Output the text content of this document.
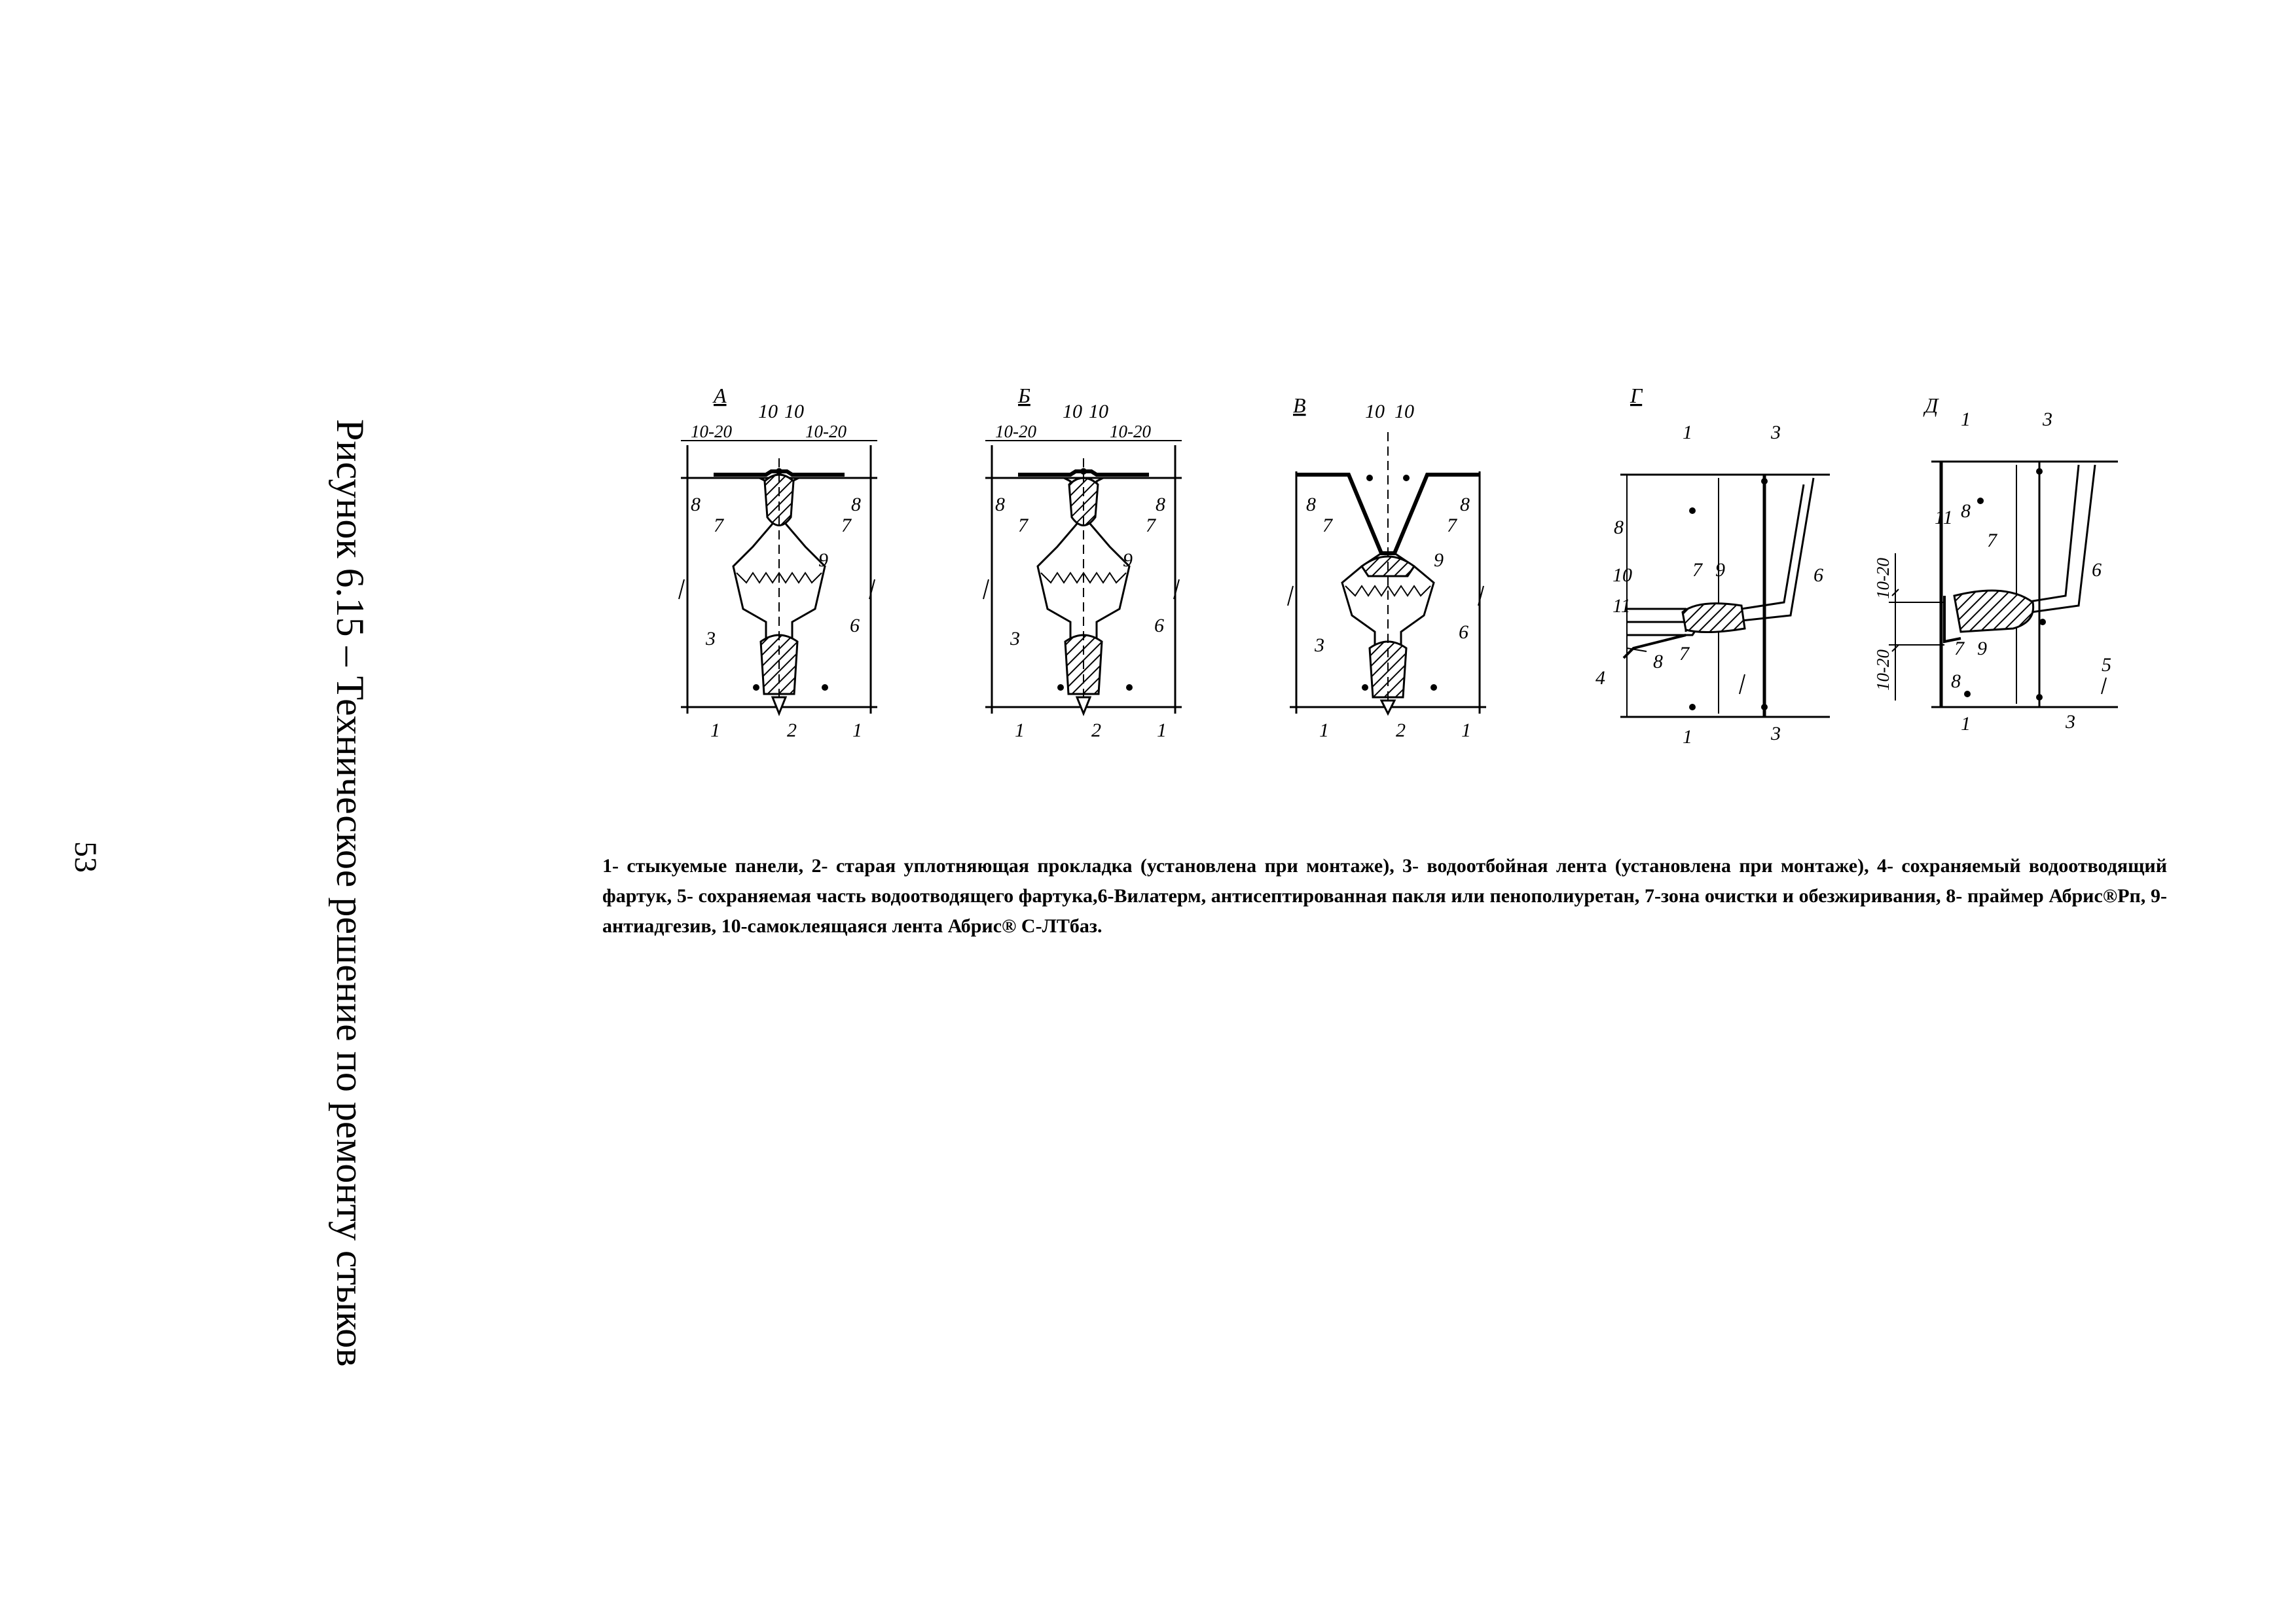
Рисунок 6.15 – Техническое решение по ремонту стыков
53
А
10 10
10-20	10-20
8
7
8
7
9
3
6
1	2	1
Б
10 10
10-20	10-20
8
7
8
7
9
3
6
1	2	1
В	10 10
8
7
8
7
9
3
6
1	2	1
Г
1	3
8
10	7 9	6
11
4
8 7
1	3
Д
1	3
8
11
7
10-20
10-20
6
7 9
8
5
1	3

1- стыкуемые панели, 2- старая уплотняющая прокладка (установлена при монтаже), 3- водоотбойная лента (установлена при монтаже), 4- сохраняемый водоотводящий фартук, 5- сохраняемая часть водоотводящего фартука,6-Вилатерм, антисептированная пакля или пенополиуретан, 7-зона очистки и обезжиривания, 8- праймер Абрис®Рп, 9-антиадгезив, 10-самоклеящаяся лента Абрис® С-ЛТбаз.
